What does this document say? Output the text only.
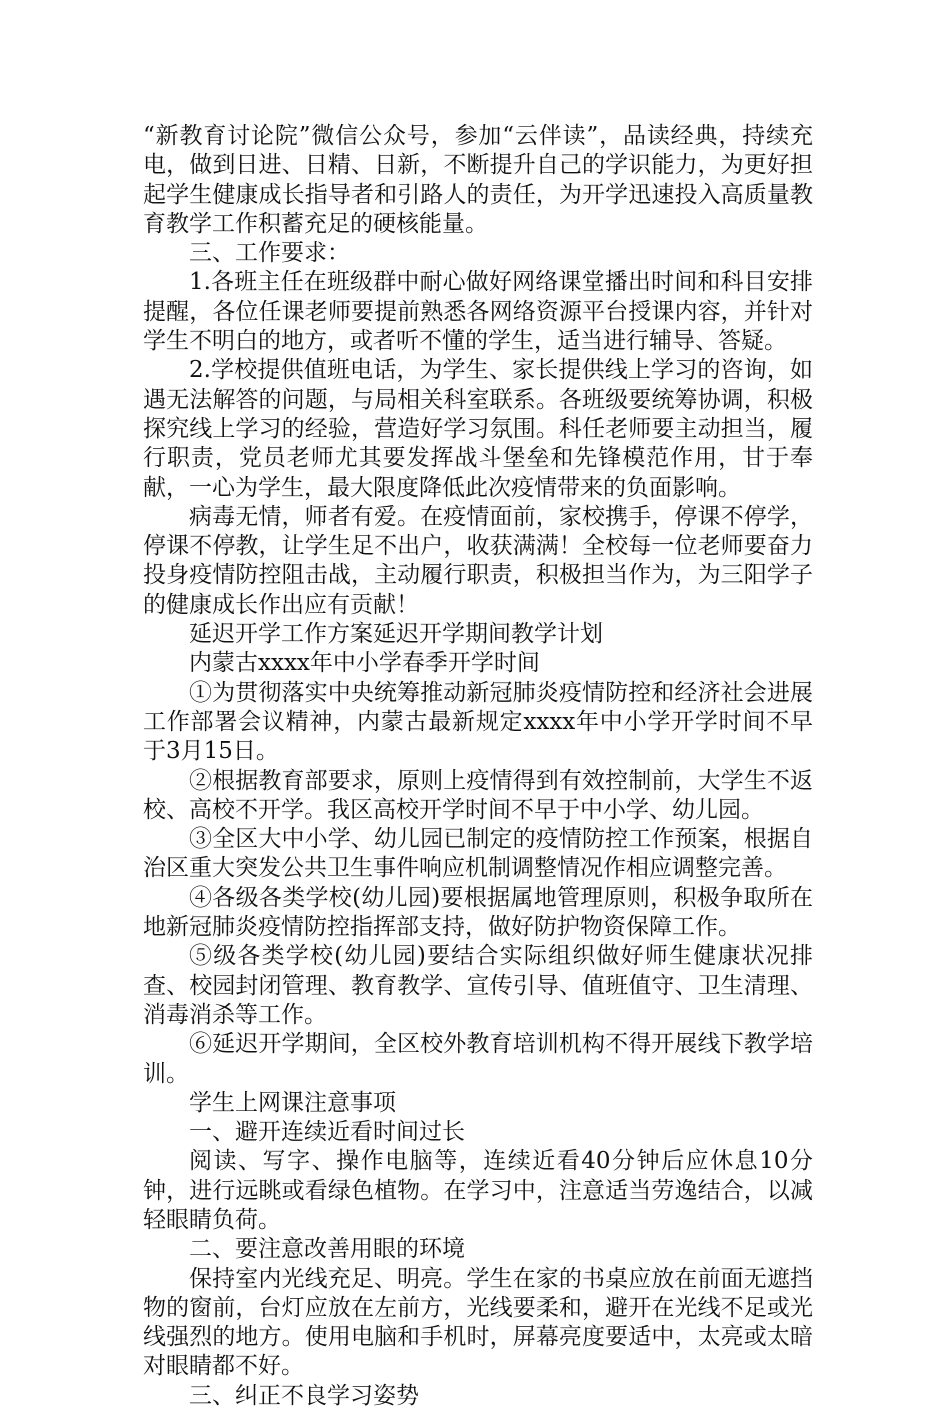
“新教育讨论院”微信公众号，参加“云伴读”，品读经典，持续充电，做到日进、日精、日新，不断提升自己的学识能力，为更好担起学生健康成长指导者和引路人的责任，为开学迅速投入高质量教育教学工作积蓄充足的硬核能量。

三、工作要求：

1.各班主任在班级群中耐心做好网络课堂播出时间和科目安排提醒，各位任课老师要提前熟悉各网络资源平台授课内容，并针对学生不明白的地方，或者听不懂的学生，适当进行辅导、答疑。

2.学校提供值班电话，为学生、家长提供线上学习的咨询，如遇无法解答的问题，与局相关科室联系。各班级要统筹协调，积极探究线上学习的经验，营造好学习氛围。科任老师要主动担当，履行职责，党员老师尤其要发挥战斗堡垒和先锋模范作用，甘于奉献，一心为学生，最大限度降低此次疫情带来的负面影响。

病毒无情，师者有爱。在疫情面前，家校携手，停课不停学，停课不停教，让学生足不出户，收获满满！全校每一位老师要奋力投身疫情防控阻击战，主动履行职责，积极担当作为，为三阳学子的健康成长作出应有贡献！

延迟开学工作方案延迟开学期间教学计划

内蒙古xxxx年中小学春季开学时间

①为贯彻落实中央统筹推动新冠肺炎疫情防控和经济社会进展工作部署会议精神，内蒙古最新规定xxxx年中小学开学时间不早于3月15日。

②根据教育部要求，原则上疫情得到有效控制前，大学生不返校、高校不开学。我区高校开学时间不早于中小学、幼儿园。

③全区大中小学、幼儿园已制定的疫情防控工作预案，根据自治区重大突发公共卫生事件响应机制调整情况作相应调整完善。

④各级各类学校(幼儿园)要根据属地管理原则，积极争取所在地新冠肺炎疫情防控指挥部支持，做好防护物资保障工作。

⑤级各类学校(幼儿园)要结合实际组织做好师生健康状况排查、校园封闭管理、教育教学、宣传引导、值班值守、卫生清理、消毒消杀等工作。

⑥延迟开学期间，全区校外教育培训机构不得开展线下教学培训。

学生上网课注意事项

一、避开连续近看时间过长

阅读、写字、操作电脑等，连续近看40分钟后应休息10分钟，进行远眺或看绿色植物。在学习中，注意适当劳逸结合，以减轻眼睛负荷。

二、要注意改善用眼的环境

保持室内光线充足、明亮。学生在家的书桌应放在前面无遮挡物的窗前，台灯应放在左前方，光线要柔和，避开在光线不足或光线强烈的地方。使用电脑和手机时，屏幕亮度要适中，太亮或太暗对眼睛都不好。

三、纠正不良学习姿势
